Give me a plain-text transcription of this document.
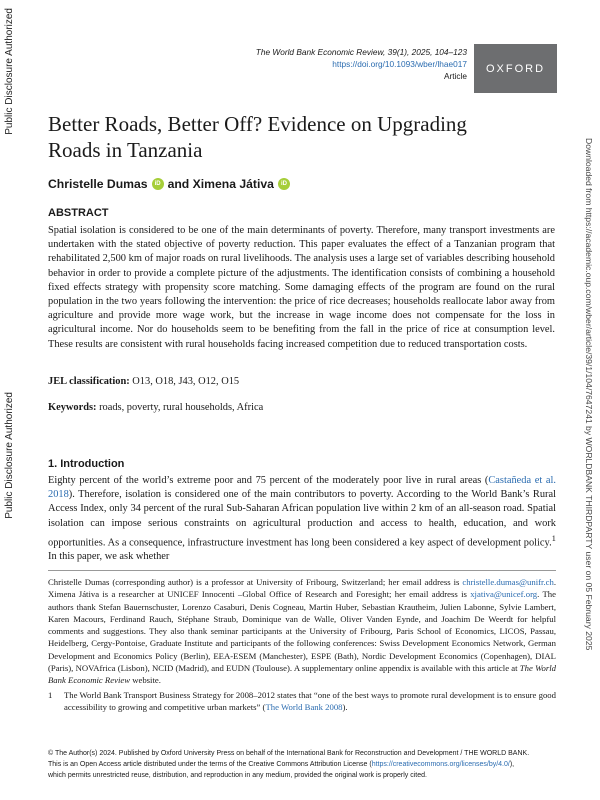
Public Disclosure Authorized
Public Disclosure Authorized	Downloaded from https://academic.oup.com/wber/article/39/1/104/7647241 by WORLDBANK THIRDPARTY user on 05 February 2025
The World Bank Economic Review, 39(1), 2025, 104–123
https://doi.org/10.1093/wber/lhae017
Article
OXFORD
Better Roads, Better Off? Evidence on Upgrading Roads in Tanzania
Christelle Dumas	iD and
Ximena Játiva	iD
ABSTRACT

Spatial isolation is considered to be one of the main determinants of poverty. Therefore, many transport investments are undertaken with the stated objective of poverty reduction. This paper evaluates the effect of a Tanzanian program that rehabilitated 2,500 km of major roads on rural livelihoods. The analysis uses a large set of variables describing household behavior in order to provide a complete picture of the adjustments. The identification consists of combining a household fixed effects strategy with propensity score matching. Some damaging effects of the program are found on the rural population in the two years following the intervention: the price of rice decreases; households reallocate labor away from agriculture and provide more wage work, but the increase in wage income does not compensate for the loss in agricultural income. Nor do households seem to be benefiting from the fall in the price of rice at consumption level. These results are consistent with rural households facing increased competition due to reduced transportation costs.

JEL classification: O13, O18, J43, O12, O15
Keywords: roads, poverty, rural households, Africa
1. Introduction

Eighty percent of the world’s extreme poor and 75 percent of the moderately poor live in rural areas (Castañeda et al. 2018). Therefore, isolation is considered one of the main contributors to poverty. According to the World Bank’s Rural Access Index, only 34 percent of the rural Sub-Saharan African population live within 2 km of an all-season road. Spatial isolation can impose serious constraints on agricultural production and access to health, education, and work opportunities. As a consequence, infrastructure investment has long been considered a key aspect of development policy.$^1$ In this paper, we ask whether

Christelle Dumas (corresponding author) is a professor at University of Fribourg, Switzerland; her email address is christelle.dumas@unifr.ch. Ximena Játiva is a researcher at UNICEF Innocenti –Global Office of Research and Foresight; her email address is xjativa@unicef.org. The authors thank Stefan Bauernschuster, Lorenzo Casaburi, Denis Cogneau, Martin Huber, Sebastian Krautheim, Julien Labonne, Sylvie Lambert, Karen Macours, Ferdinand Rauch, Stéphane Straub, Dominique van de Walle, Oliver Vanden Eynde, and Joachim De Weerdt for helpful comments and suggestions. They also thank seminar participants at the University of Fribourg, Paris School of Economics, LICOS, Passau, Heidelberg, Cergy-Pontoise, Graduate Institute and participants of the following conferences: Swiss Development Economics Network, German Development and Economics Policy (Berlin), EEA-ESEM (Manchester), ESPE (Bath), Nordic Development Economics (Copenhagen), DIAL (Paris), NOVAfrica (Lisbon), NCID (Madrid), and EUDN (Toulouse). A supplementary online appendix is available with this article at The World Bank Economic Review website.

1	The World Bank Transport Business Strategy for 2008–2012 states that “one of the best ways to promote rural development is to ensure good accessibility to growing and competitive urban markets” (The World Bank 2008).
© The Author(s) 2024. Published by Oxford University Press on behalf of the International Bank for Reconstruction and Development / THE WORLD BANK.
This is an Open Access article distributed under the terms of the Creative Commons Attribution License (https://creativecommons.org/licenses/by/4.0/),
which permits unrestricted reuse, distribution, and reproduction in any medium, provided the original work is properly cited.
